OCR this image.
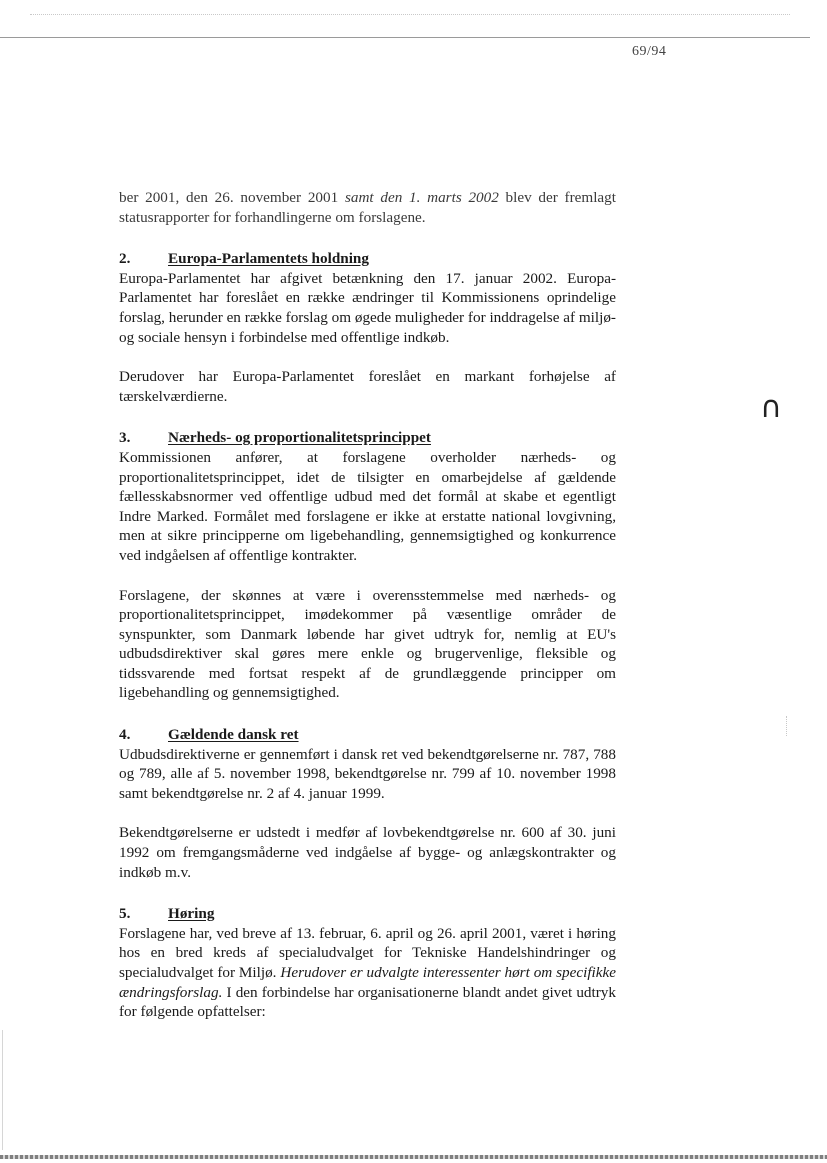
69/94

ber 2001, den 26. november 2001 samt den 1. marts 2002 blev der fremlagt statusrapporter for forhandlingerne om forslagene.

2.	Europa-Parlamentets holdning

Europa-Parlamentet har afgivet betænkning den 17. januar 2002. Europa-Parlamentet har foreslået en række ændringer til Kommissionens oprindelige forslag, herunder en række forslag om øgede muligheder for inddragelse af miljø- og sociale hensyn i forbindelse med offentlige indkøb.

Derudover har Europa-Parlamentet foreslået en markant forhøjelse af tærskelværdierne.

3.	Nærheds- og proportionalitetsprincippet

Kommissionen anfører, at forslagene overholder nærheds- og proportionalitetsprincippet, idet de tilsigter en omarbejdelse af gældende fællesskabsnormer ved offentlige udbud med det formål at skabe et egentligt Indre Marked. Formålet med forslagene er ikke at erstatte national lovgivning, men at sikre principperne om ligebehandling, gennemsigtighed og konkurrence ved indgåelsen af offentlige kontrakter.

Forslagene, der skønnes at være i overensstemmelse med nærheds- og proportionalitetsprincippet, imødekommer på væsentlige områder de synspunkter, som Danmark løbende har givet udtryk for, nemlig at EU's udbudsdirektiver skal gøres mere enkle og brugervenlige, fleksible og tidssvarende med fortsat respekt af de grundlæggende principper om ligebehandling og gennemsigtighed.

4.	Gældende dansk ret

Udbudsdirektiverne er gennemført i dansk ret ved bekendtgørelserne nr. 787, 788 og 789, alle af 5. november 1998, bekendtgørelse nr. 799 af 10. november 1998 samt bekendtgørelse nr. 2 af 4. januar 1999.

Bekendtgørelserne er udstedt i medfør af lovbekendtgørelse nr. 600 af 30. juni 1992 om fremgangsmåderne ved indgåelse af bygge- og anlægskontrakter og indkøb m.v.

5.	Høring

Forslagene har, ved breve af 13. februar, 6. april og 26. april 2001, været i høring hos en bred kreds af specialudvalget for Tekniske Handelshindringer og specialudvalget for Miljø. Herudover er udvalgte interessenter hørt om specifikke ændringsforslag. I den forbindelse har organisationerne blandt andet givet udtryk for følgende opfattelser:

∩
